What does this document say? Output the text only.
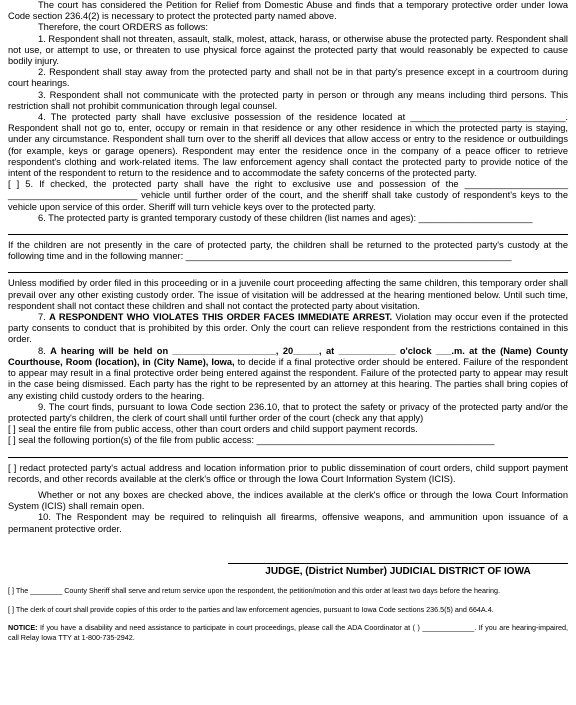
The court has considered the Petition for Relief from Domestic Abuse and finds that a temporary protective order under Iowa Code section 236.4(2) is necessary to protect the protected party named above.

Therefore, the court ORDERS as follows:

1. Respondent shall not threaten, assault, stalk, molest, attack, harass, or otherwise abuse the protected party. Respondent shall not use, or attempt to use, or threaten to use physical force against the protected party that would reasonably be expected to cause bodily injury.

2. Respondent shall stay away from the protected party and shall not be in that party's presence except in a courtroom during court hearings.

3. Respondent shall not communicate with the protected party in person or through any means including third persons. This restriction shall not prohibit communication through legal counsel.

4. The protected party shall have exclusive possession of the residence located at ______________________________. Respondent shall not go to, enter, occupy or remain in that residence or any other residence in which the protected party is staying, under any circumstance. Respondent shall turn over to the sheriff all devices that allow access or entry to the residence or outbuildings (for example, keys or garage openers). Respondent may enter the residence once in the company of a peace officer to retrieve respondent's clothing and work-related items. The law enforcement agency shall contact the protected party to provide notice of the intent of the respondent to return to the residence and to accommodate the safety concerns of the protected party.

[ ] 5. If checked, the protected party shall have the right to exclusive use and possession of the ____________________ _________________________ vehicle until further order of the court, and the sheriff shall take custody of respondent's keys to the vehicle upon service of this order. Sheriff will turn vehicle keys over to the protected party.

6. The protected party is granted temporary custody of these children (list names and ages): ______________________

If the children are not presently in the care of protected party, the children shall be returned to the protected party's custody at the following time and in the following manner: _______________________________________________________________

Unless modified by order filed in this proceeding or in a juvenile court proceeding affecting the same children, this temporary order shall prevail over any other existing custody order. The issue of visitation will be addressed at the hearing mentioned below. Until such time, respondent shall not contact these children and shall not contact the protected party about visitation.

7. A RESPONDENT WHO VIOLATES THIS ORDER FACES IMMEDIATE ARREST. Violation may occur even if the protected party consents to conduct that is prohibited by this order. Only the court can relieve respondent from the restrictions contained in this order.

8. A hearing will be held on ____________________, 20_____, at ___________ o'clock ___.m. at the (Name) County Courthouse, Room (location), in (City Name), Iowa, to decide if a final protective order should be entered. Failure of the respondent to appear may result in a final protective order being entered against the respondent. Failure of the protected party to appear may result in the case being dismissed. Each party has the right to be represented by an attorney at this hearing. The parties shall bring copies of any existing child custody orders to the hearing.

9. The court finds, pursuant to Iowa Code section 236.10, that to protect the safety or privacy of the protected party and/or the protected party's children, the clerk of court shall until further order of the court (check any that apply)

[ ] seal the entire file from public access, other than court orders and child support payment records.

[ ] seal the following portion(s) of the file from public access: ______________________________________________

[ ] redact protected party's actual address and location information prior to public dissemination of court orders, child support payment records, and other records available at the clerk's office or through the Iowa Court Information System (ICIS).

Whether or not any boxes are checked above, the indices available at the clerk's office or through the Iowa Court Information System (ICIS) shall remain open.

10. The Respondent may be required to relinquish all firearms, offensive weapons, and ammunition upon issuance of a permanent protective order.

JUDGE, (District Number) JUDICIAL DISTRICT OF IOWA

[ ] The ________ County Sheriff shall serve and return service upon the respondent, the petition/motion and this order at least two days before the hearing.

[ ] The clerk of court shall provide copies of this order to the parties and law enforcement agencies, pursuant to Iowa Code sections 236.5(5) and 664A.4.

NOTICE: If you have a disability and need assistance to participate in court proceedings, please call the ADA Coordinator at ( ) _____________. If you are hearing-impaired, call Relay Iowa TTY at 1-800-735-2942.
